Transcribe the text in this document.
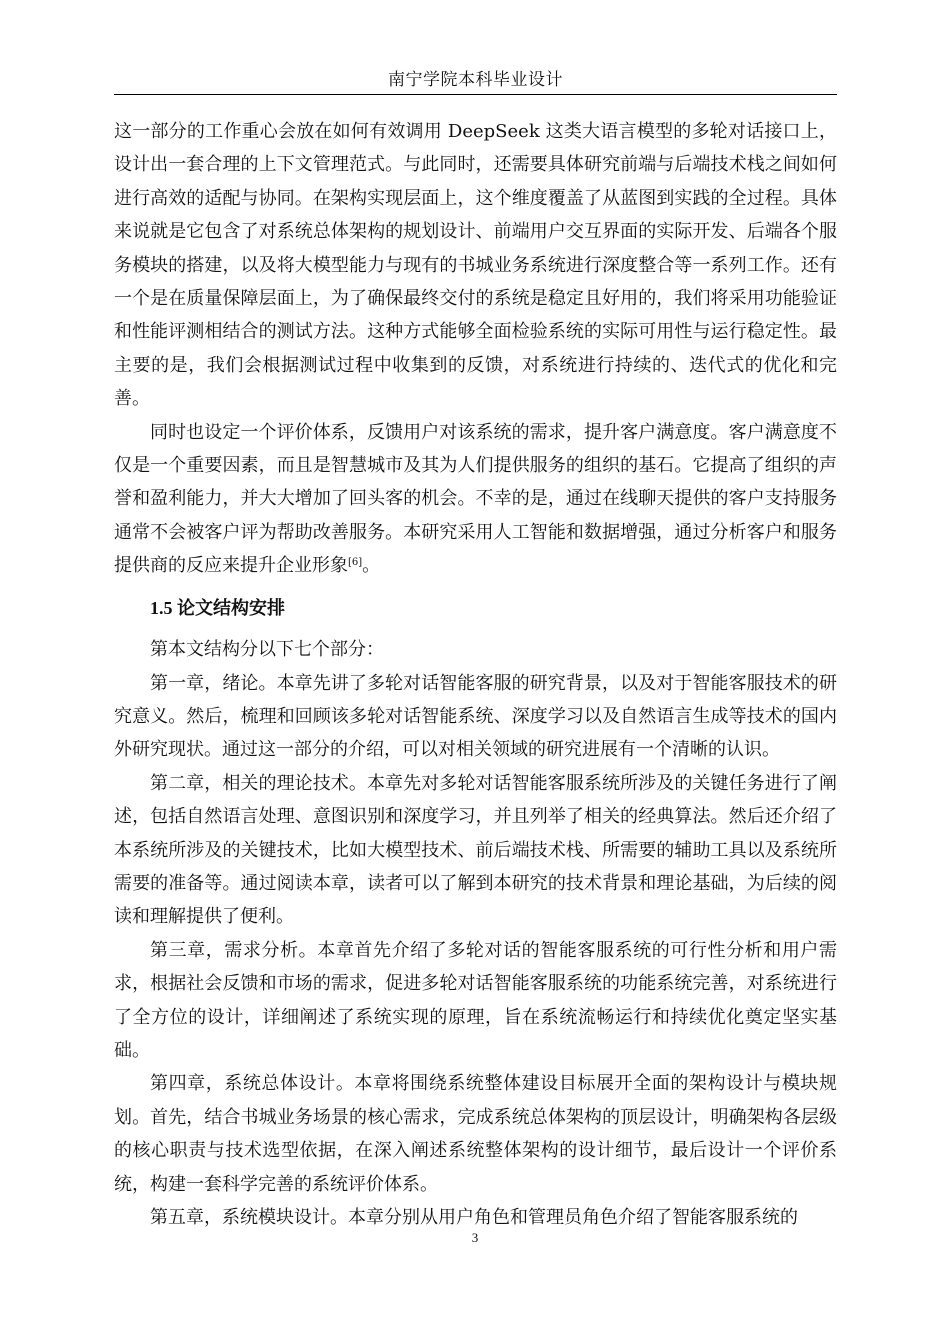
南宁学院本科毕业设计

这一部分的工作重心会放在如何有效调用 DeepSeek 这类大语言模型的多轮对话接口上，设计出一套合理的上下文管理范式。与此同时，还需要具体研究前端与后端技术栈之间如何进行高效的适配与协同。在架构实现层面上，这个维度覆盖了从蓝图到实践的全过程。具体来说就是它包含了对系统总体架构的规划设计、前端用户交互界面的实际开发、后端各个服务模块的搭建，以及将大模型能力与现有的书城业务系统进行深度整合等一系列工作。还有一个是在质量保障层面上，为了确保最终交付的系统是稳定且好用的，我们将采用功能验证和性能评测相结合的测试方法。这种方式能够全面检验系统的实际可用性与运行稳定性。最主要的是，我们会根据测试过程中收集到的反馈，对系统进行持续的、迭代式的优化和完善。

同时也设定一个评价体系，反馈用户对该系统的需求，提升客户满意度。客户满意度不仅是一个重要因素，而且是智慧城市及其为人们提供服务的组织的基石。它提高了组织的声誉和盈利能力，并大大增加了回头客的机会。不幸的是，通过在线聊天提供的客户支持服务通常不会被客户评为帮助改善服务。本研究采用人工智能和数据增强，通过分析客户和服务提供商的反应来提升企业形象[6]。

1.5 论文结构安排

第本文结构分以下七个部分：

第一章，绪论。本章先讲了多轮对话智能客服的研究背景，以及对于智能客服技术的研究意义。然后，梳理和回顾该多轮对话智能系统、深度学习以及自然语言生成等技术的国内外研究现状。通过这一部分的介绍，可以对相关领域的研究进展有一个清晰的认识。

第二章，相关的理论技术。本章先对多轮对话智能客服系统所涉及的关键任务进行了阐述，包括自然语言处理、意图识别和深度学习，并且列举了相关的经典算法。然后还介绍了本系统所涉及的关键技术，比如大模型技术、前后端技术栈、所需要的辅助工具以及系统所需要的准备等。通过阅读本章，读者可以了解到本研究的技术背景和理论基础，为后续的阅读和理解提供了便利。

第三章，需求分析。本章首先介绍了多轮对话的智能客服系统的可行性分析和用户需求，根据社会反馈和市场的需求，促进多轮对话智能客服系统的功能系统完善，对系统进行了全方位的设计，详细阐述了系统实现的原理，旨在系统流畅运行和持续优化奠定坚实基础。

第四章，系统总体设计。本章将围绕系统整体建设目标展开全面的架构设计与模块规划。首先，结合书城业务场景的核心需求，完成系统总体架构的顶层设计，明确架构各层级的核心职责与技术选型依据，在深入阐述系统整体架构的设计细节，最后设计一个评价系统，构建一套科学完善的系统评价体系。

第五章，系统模块设计。本章分别从用户角色和管理员角色介绍了智能客服系统的

3
